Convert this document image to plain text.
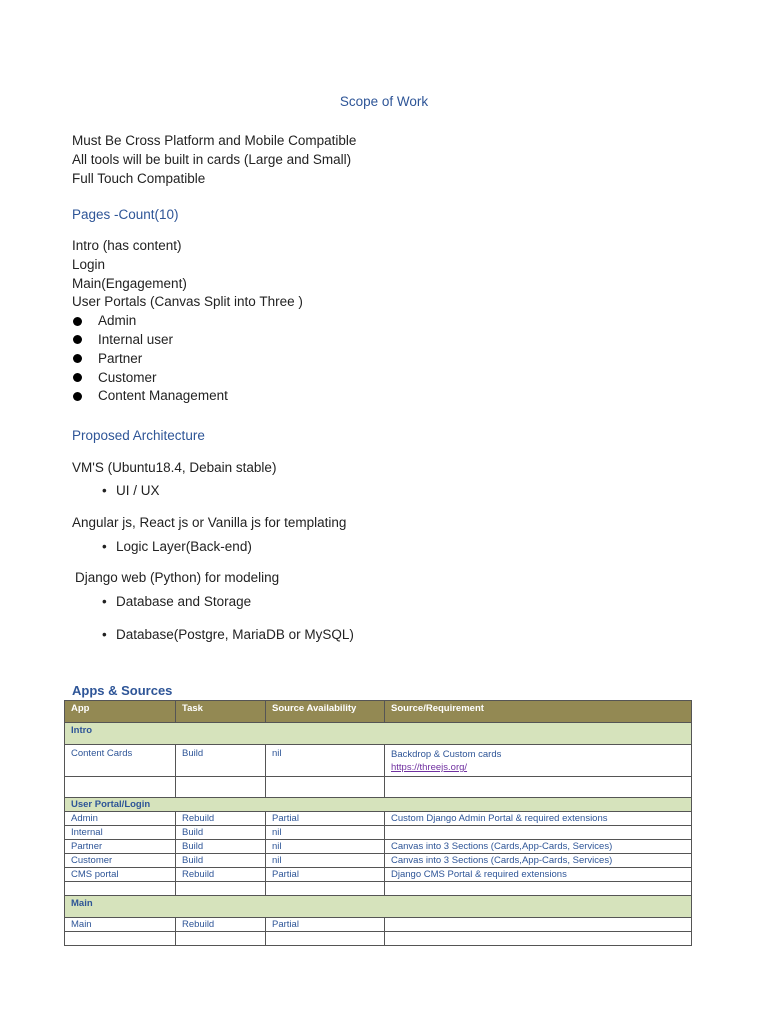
Scope of Work
Must Be Cross Platform and Mobile Compatible
All tools will be built in cards (Large and Small)
Full Touch Compatible
Pages -Count(10)
Intro (has content)
Login
Main(Engagement)
User Portals (Canvas Split into Three )
Admin
Internal user
Partner
Customer
Content Management
Proposed Architecture
VM'S (Ubuntu18.4, Debain stable)
• UI / UX
Angular js, React js or Vanilla js for templating
• Logic Layer(Back-end)
Django web (Python) for modeling
• Database and Storage
• Database(Postgre, MariaDB or MySQL)
Apps & Sources
App	Task	Source Availability	Source/Requirement
Intro			
Content Cards	Build	nil	Backdrop & Custom cards
https://threejs.org/

User Portal/Login			
Admin	Rebuild	Partial	Custom Django Admin Portal & required extensions
Internal	Build	nil	
Partner	Build	nil	Canvas into 3 Sections (Cards,App-Cards, Services)
Customer	Build	nil	Canvas into 3 Sections (Cards,App-Cards, Services)
CMS portal	Rebuild	Partial	Django CMS Portal & required extensions

Main			
Main	Rebuild	Partial	
